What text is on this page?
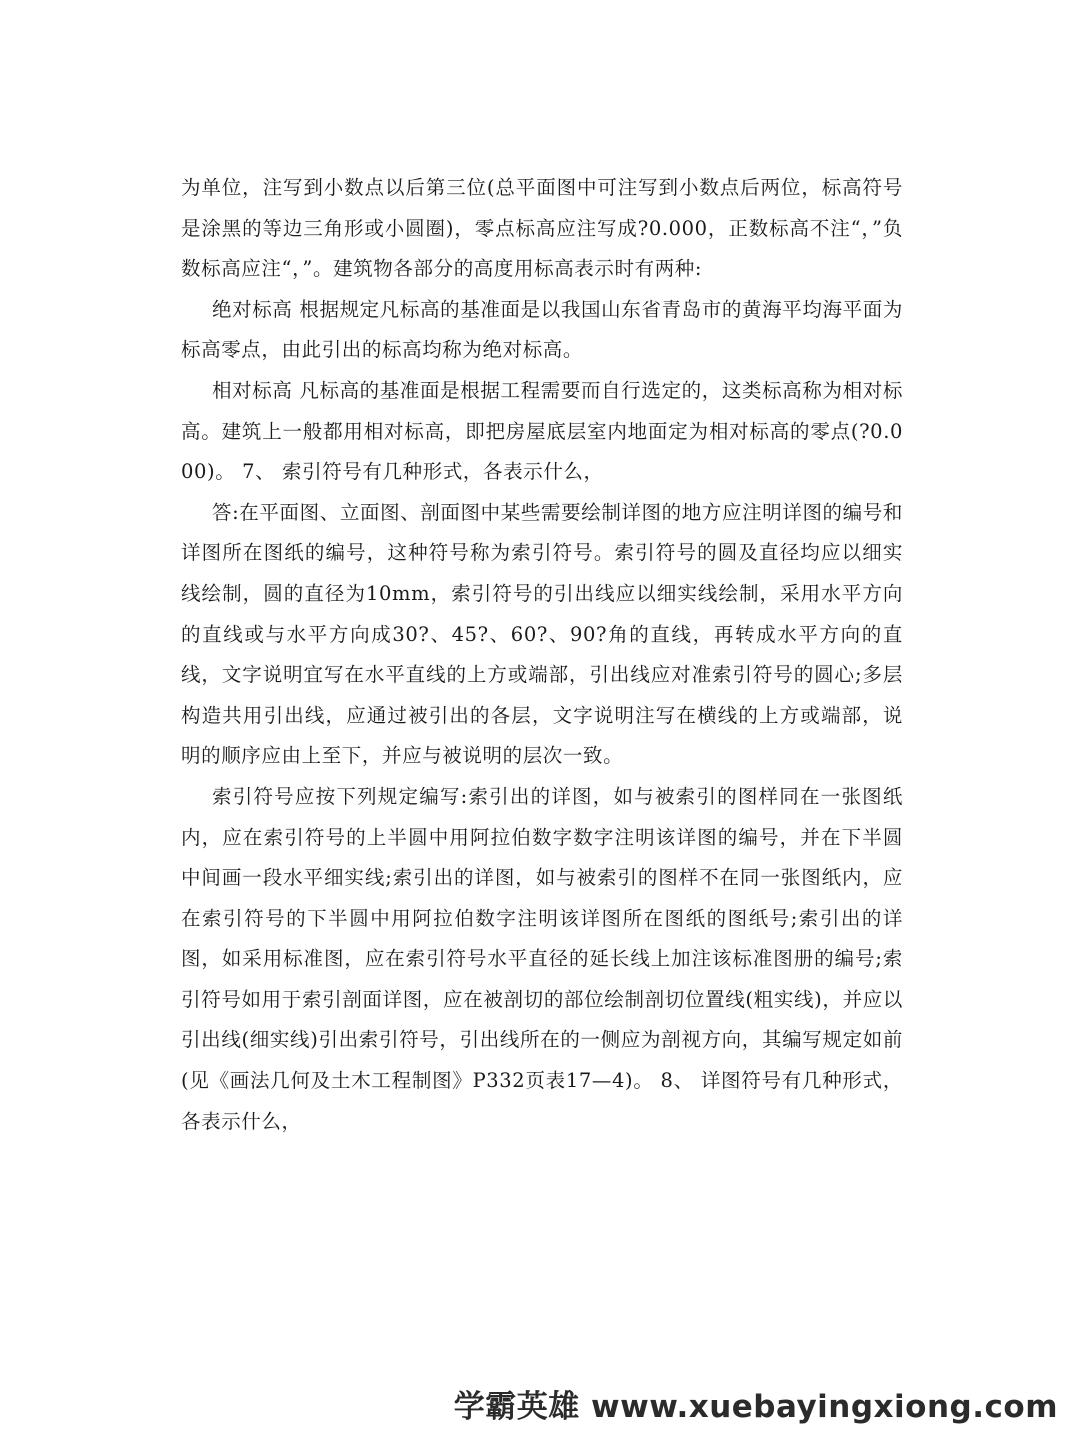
为单位，注写到小数点以后第三位(总平面图中可注写到小数点后两位，标高符号是涂黑的等边三角形或小圆圈)，零点标高应注写成?0.000，正数标高不注“，”负数标高应注“，”。建筑物各部分的高度用标高表示时有两种:

绝对标高 根据规定凡标高的基准面是以我国山东省青岛市的黄海平均海平面为标高零点，由此引出的标高均称为绝对标高。

相对标高 凡标高的基准面是根据工程需要而自行选定的，这类标高称为相对标高。建筑上一般都用相对标高，即把房屋底层室内地面定为相对标高的零点(?0.000)。 7、 索引符号有几种形式，各表示什么，

答:在平面图、立面图、剖面图中某些需要绘制详图的地方应注明详图的编号和详图所在图纸的编号，这种符号称为索引符号。索引符号的圆及直径均应以细实线绘制，圆的直径为10mm，索引符号的引出线应以细实线绘制，采用水平方向的直线或与水平方向成30?、45?、60?、90?角的直线，再转成水平方向的直线，文字说明宜写在水平直线的上方或端部，引出线应对准索引符号的圆心;多层构造共用引出线，应通过被引出的各层，文字说明注写在横线的上方或端部，说明的顺序应由上至下，并应与被说明的层次一致。

索引符号应按下列规定编写:索引出的详图，如与被索引的图样同在一张图纸内，应在索引符号的上半圆中用阿拉伯数字数字注明该详图的编号，并在下半圆中间画一段水平细实线;索引出的详图，如与被索引的图样不在同一张图纸内，应在索引符号的下半圆中用阿拉伯数字注明该详图所在图纸的图纸号;索引出的详图，如采用标准图，应在索引符号水平直径的延长线上加注该标准图册的编号;索引符号如用于索引剖面详图，应在被剖切的部位绘制剖切位置线(粗实线)，并应以引出线(细实线)引出索引符号，引出线所在的一侧应为剖视方向，其编写规定如前(见《画法几何及土木工程制图》P332页表17—4)。 8、 详图符号有几种形式，各表示什么，

学霸英雄 www.xuebayingxiong.com
